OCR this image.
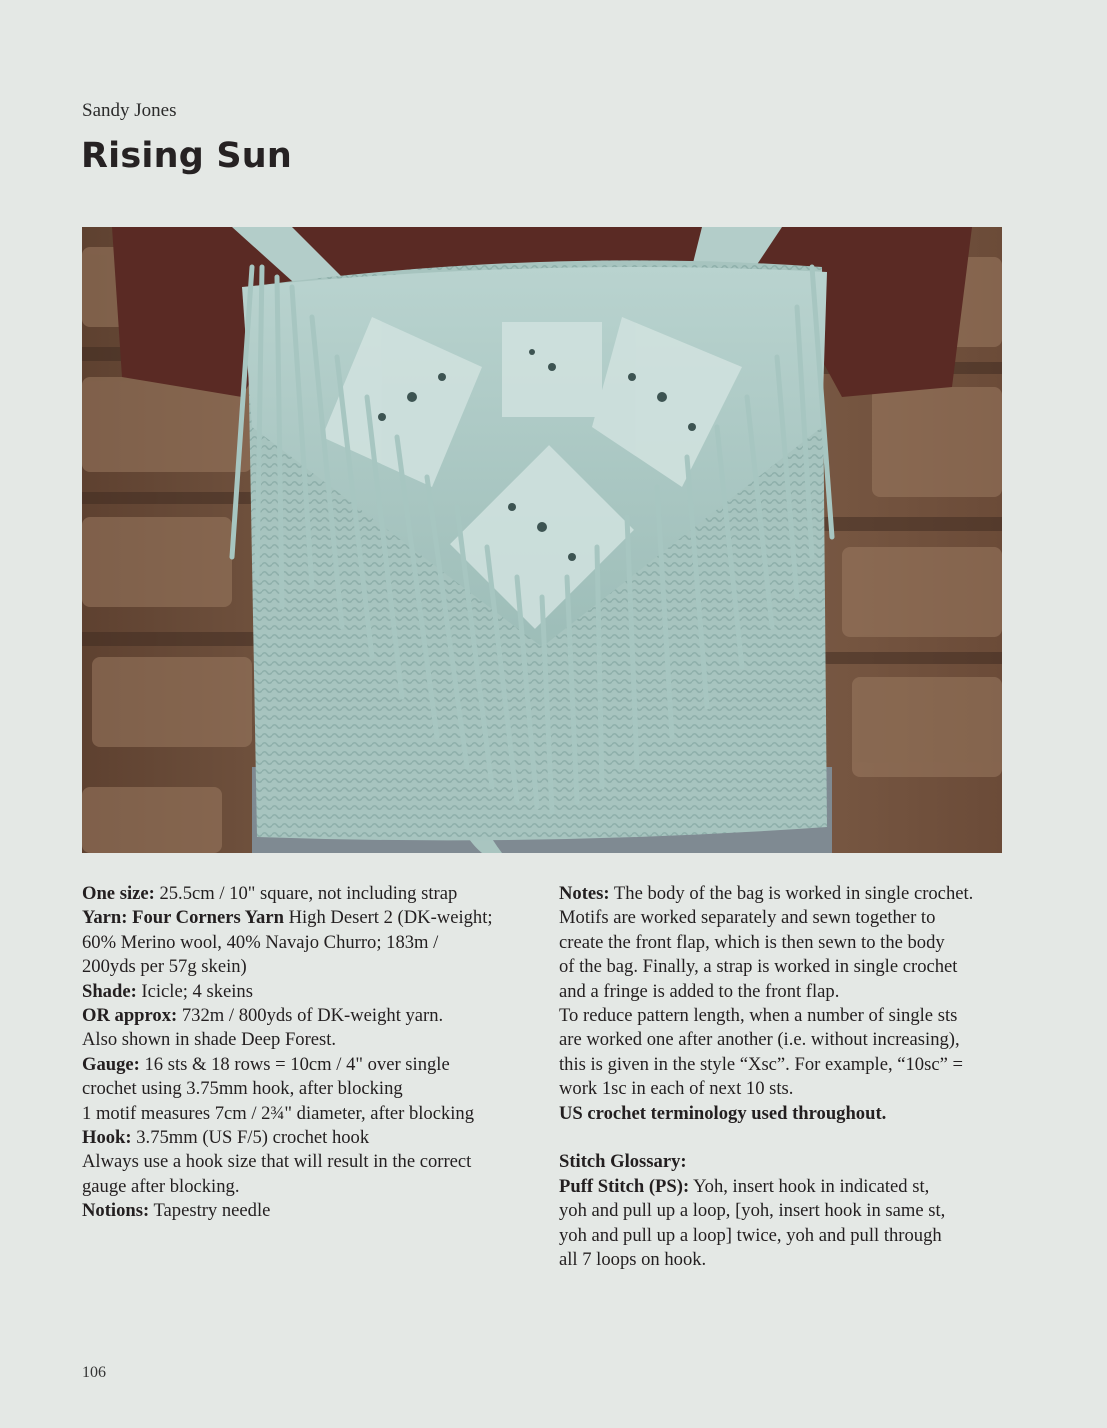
Sandy Jones
Rising Sun
One size: 25.5cm / 10" square, not including strap
Yarn: Four Corners Yarn High Desert 2 (DK-weight;
60% Merino wool, 40% Navajo Churro; 183m /
200yds per 57g skein)
Shade: Icicle; 4 skeins
OR approx: 732m / 800yds of DK-weight yarn.
Also shown in shade Deep Forest.
Gauge: 16 sts & 18 rows = 10cm / 4" over single
crochet using 3.75mm hook, after blocking
1 motif measures 7cm / 2¾" diameter, after blocking
Hook: 3.75mm (US F/5) crochet hook
Always use a hook size that will result in the correct
gauge after blocking.
Notions: Tapestry needle
Notes: The body of the bag is worked in single crochet.
Motifs are worked separately and sewn together to
create the front flap, which is then sewn to the body
of the bag. Finally, a strap is worked in single crochet
and a fringe is added to the front flap.
To reduce pattern length, when a number of single sts
are worked one after another (i.e. without increasing),
this is given in the style “Xsc”. For example, “10sc” =
work 1sc in each of next 10 sts.
US crochet terminology used throughout.
Stitch Glossary:
Puff Stitch (PS): Yoh, insert hook in indicated st,
yoh and pull up a loop, [yoh, insert hook in same st,
yoh and pull up a loop] twice, yoh and pull through
all 7 loops on hook.
106
